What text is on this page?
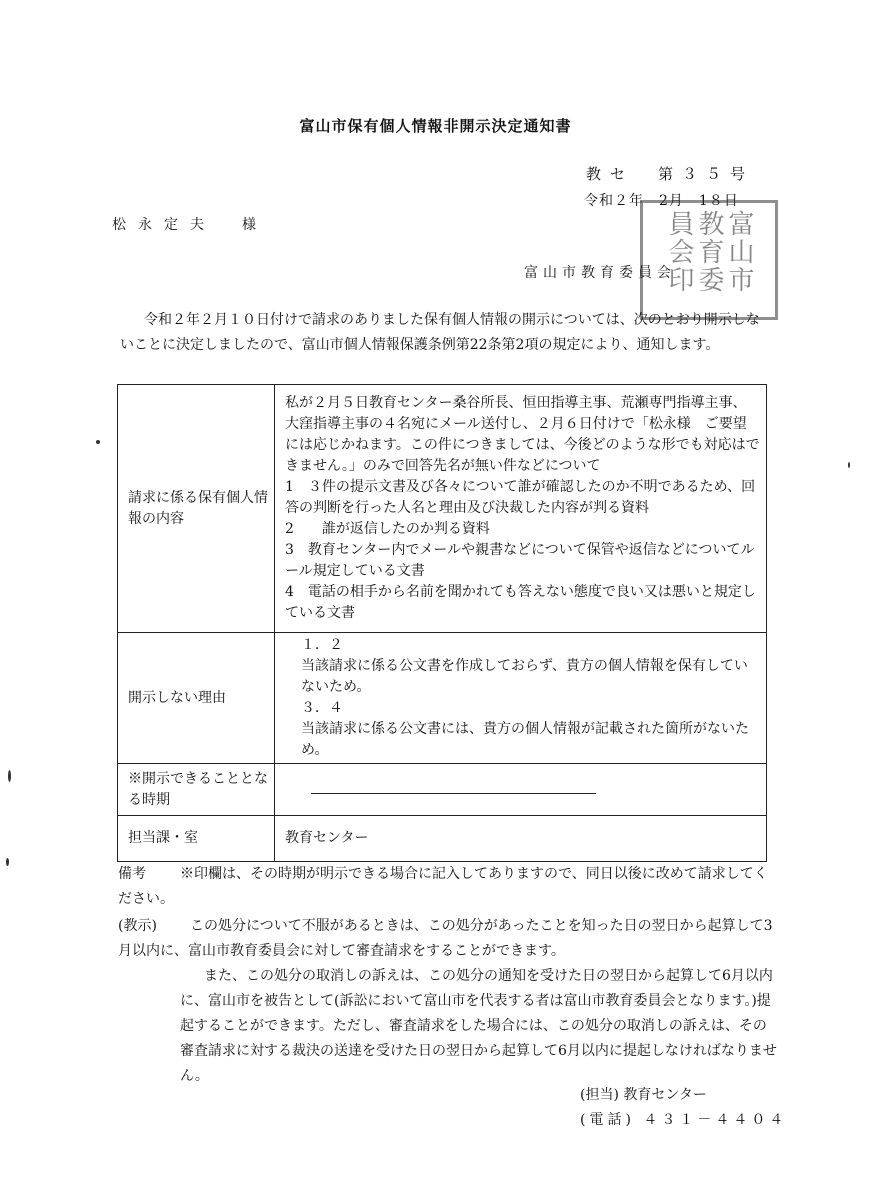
富山市保有個人情報非開示決定通知書
教セ　第３５号
令和２年　2月　1８日
松永定夫　様	富山市
教育委
員会印
富山市教育委員会
令和２年２月１０日付けで請求のありました保有個人情報の開示については、次のとおり開示しないことに決定しましたので、富山市個人情報保護条例第22条第2項の規定により、通知します。
請求に係る保有個人情報の内容	私が２月５日教育センター桑谷所長、恒田指導主事、荒瀬専門指導主事、大窪指導主事の４名宛にメール送付し、２月６日付けで「松永様　ご要望には応じかねます。この件につきましては、今後どのような形でも対応はできません。」のみで回答先名が無い件などについて
1　３件の提示文書及び各々について誰が確認したのか不明であるため、回答の判断を行った人名と理由及び決裁した内容が判る資料
2　　誰が返信したのか判る資料
3　教育センター内でメールや親書などについて保管や返信などについてルール規定している文書
4　電話の相手から名前を聞かれても答えない態度で良い又は悪いと規定している文書

開示しない理由	１．２
当該請求に係る公文書を作成しておらず、貴方の個人情報を保有していないため。
３．４
当該請求に係る公文書には、貴方の個人情報が記載された箇所がないため。

※開示できることとなる時期	
担当課・室	教育センター
備考 ※印欄は、その時期が明示できる場合に記入してありますので、同日以後に改めて請求してください。
(教示) この処分について不服があるときは、この処分があったことを知った日の翌日から起算して3月以内に、富山市教育委員会に対して審査請求をすることができます。
また、この処分の取消しの訴えは、この処分の通知を受けた日の翌日から起算して6月以内に、富山市を被告として(訴訟において富山市を代表する者は富山市教育委員会となります。)提起することができます。ただし、審査請求をした場合には、この処分の取消しの訴えは、その審査請求に対する裁決の送達を受けた日の翌日から起算して6月以内に提起しなければなりません。
(担当) 教育センター
(電話) ４３１－４４０４
